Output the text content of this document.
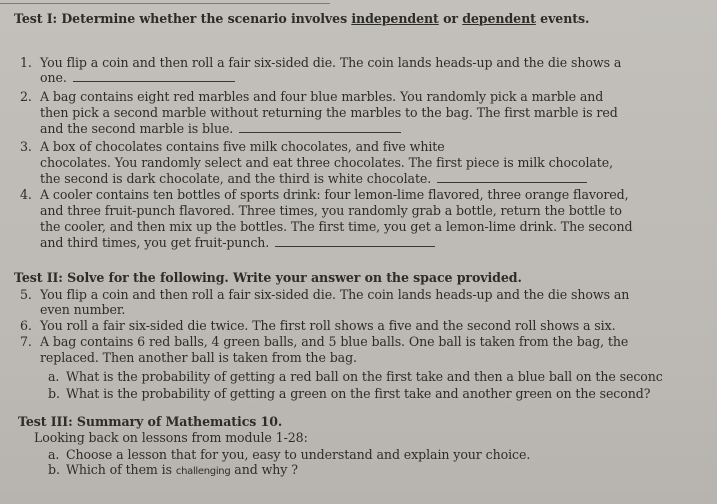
Test I: Determine whether the scenario involves independent or dependent events.
1. You flip a coin and then roll a fair six-sided die. The coin lands heads-up and the die shows a
one.
2. A bag contains eight red marbles and four blue marbles. You randomly pick a marble and
then pick a second marble without returning the marbles to the bag. The first marble is red
and the second marble is blue.
3. A box of chocolates contains five milk chocolates, and five white
chocolates. You randomly select and eat three chocolates. The first piece is milk chocolate,
the second is dark chocolate, and the third is white chocolate.
4. A cooler contains ten bottles of sports drink: four lemon-lime flavored, three orange flavored,
and three fruit-punch flavored. Three times, you randomly grab a bottle, return the bottle to
the cooler, and then mix up the bottles. The first time, you get a lemon-lime drink. The second
and third times, you get fruit-punch.
Test II: Solve for the following. Write your answer on the space provided.
5. You flip a coin and then roll a fair six-sided die. The coin lands heads-up and the die shows an
even number.
6. You roll a fair six-sided die twice. The first roll shows a five and the second roll shows a six.
7. A bag contains 6 red balls, 4 green balls, and 5 blue balls. One ball is taken from the bag, the
replaced. Then another ball is taken from the bag.
a. What is the probability of getting a red ball on the first take and then a blue ball on the seconc
b. What is the probability of getting a green on the first take and another green on the second?
Test III: Summary of Mathematics 10.
Looking back on lessons from module 1-28:
a. Choose a lesson that for you, easy to understand and explain your choice.
b. Which of them is challenging and why ?
